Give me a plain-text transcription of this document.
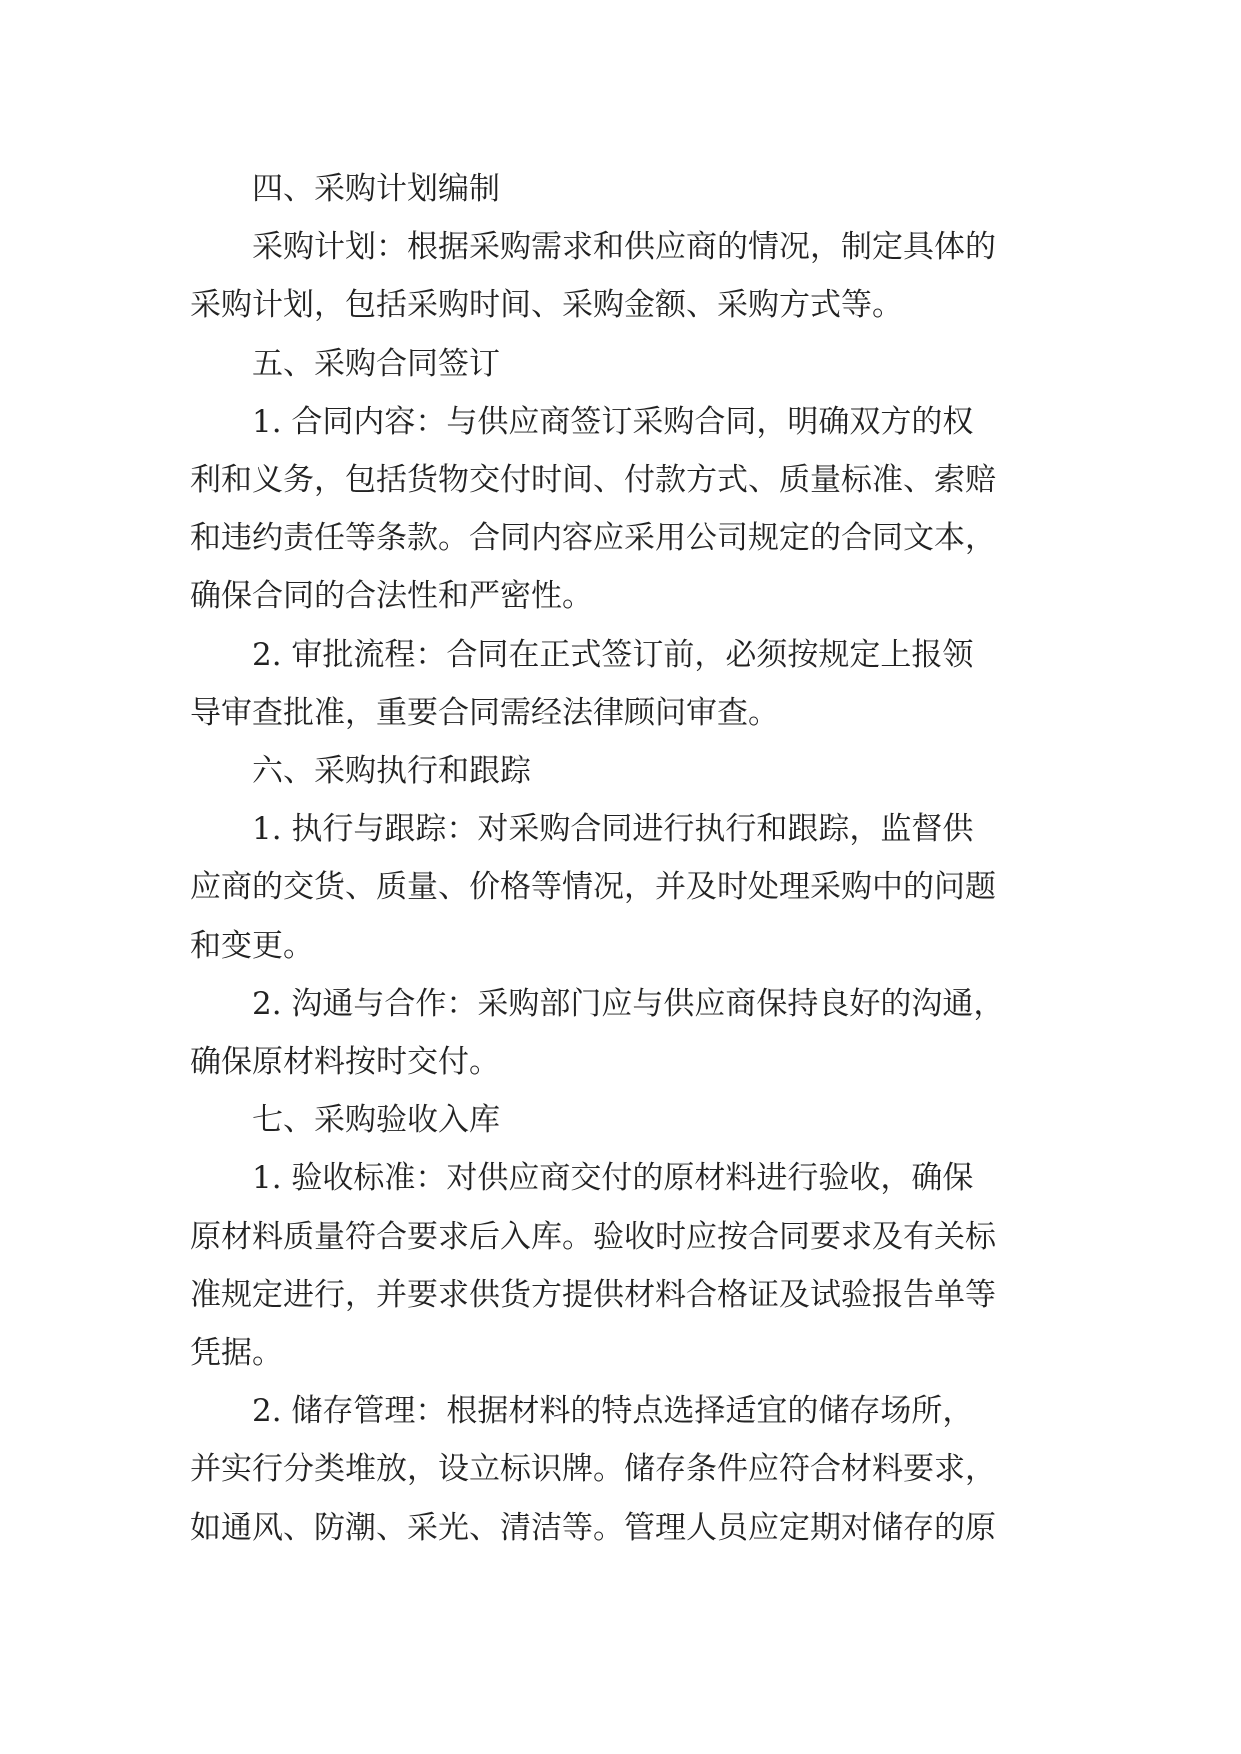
四、采购计划编制
采购计划：根据采购需求和供应商的情况，制定具体的
采购计划，包括采购时间、采购金额、采购方式等。
五、采购合同签订
1. 合同内容：与供应商签订采购合同，明确双方的权
利和义务，包括货物交付时间、付款方式、质量标准、索赔
和违约责任等条款。合同内容应采用公司规定的合同文本，
确保合同的合法性和严密性。
2. 审批流程：合同在正式签订前，必须按规定上报领
导审查批准，重要合同需经法律顾问审查。
六、采购执行和跟踪
1. 执行与跟踪：对采购合同进行执行和跟踪，监督供
应商的交货、质量、价格等情况，并及时处理采购中的问题
和变更。
2. 沟通与合作：采购部门应与供应商保持良好的沟通，
确保原材料按时交付。
七、采购验收入库
1. 验收标准：对供应商交付的原材料进行验收，确保
原材料质量符合要求后入库。验收时应按合同要求及有关标
准规定进行，并要求供货方提供材料合格证及试验报告单等
凭据。
2. 储存管理：根据材料的特点选择适宜的储存场所，
并实行分类堆放，设立标识牌。储存条件应符合材料要求，
如通风、防潮、采光、清洁等。管理人员应定期对储存的原
